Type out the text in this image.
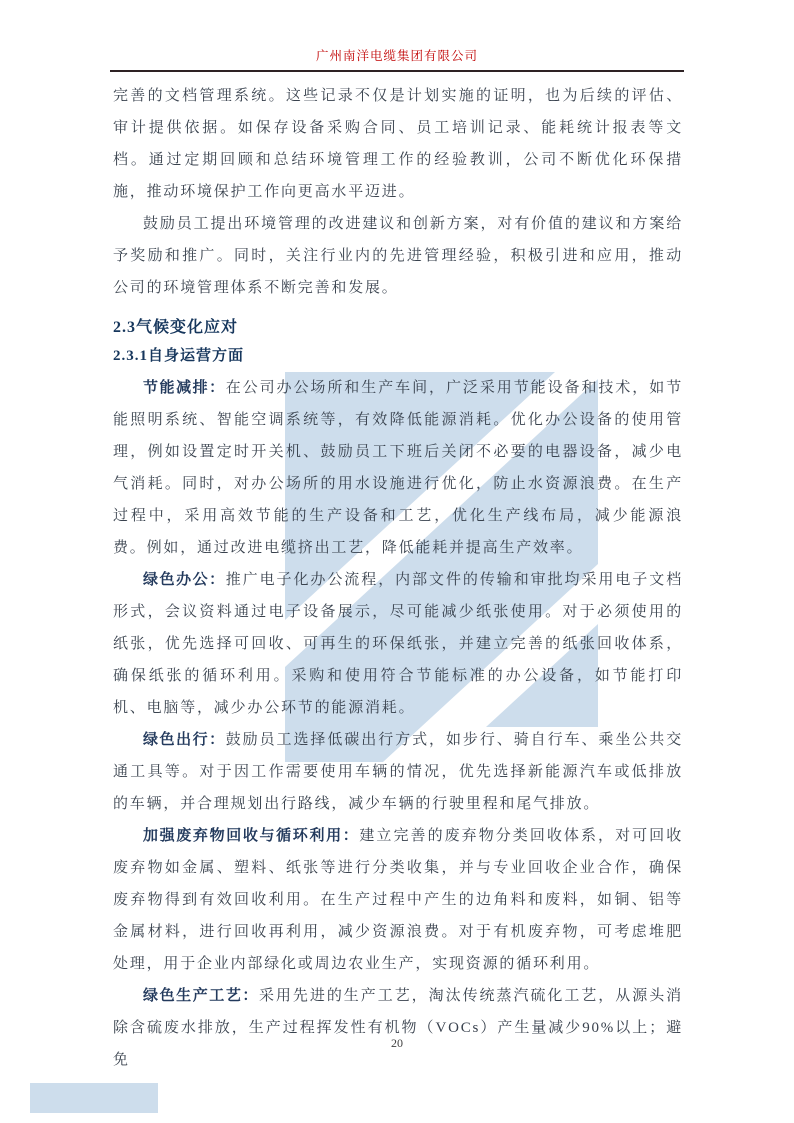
广州南洋电缆集团有限公司

完善的文档管理系统。这些记录不仅是计划实施的证明，也为后续的评估、审计提供依据。如保存设备采购合同、员工培训记录、能耗统计报表等文档。通过定期回顾和总结环境管理工作的经验教训，公司不断优化环保措施，推动环境保护工作向更高水平迈进。

鼓励员工提出环境管理的改进建议和创新方案，对有价值的建议和方案给予奖励和推广。同时，关注行业内的先进管理经验，积极引进和应用，推动公司的环境管理体系不断完善和发展。

2.3气候变化应对
2.3.1自身运营方面

节能减排：在公司办公场所和生产车间，广泛采用节能设备和技术，如节能照明系统、智能空调系统等，有效降低能源消耗。优化办公设备的使用管理，例如设置定时开关机、鼓励员工下班后关闭不必要的电器设备，减少电气消耗。同时，对办公场所的用水设施进行优化，防止水资源浪费。在生产过程中，采用高效节能的生产设备和工艺，优化生产线布局，减少能源浪费。例如，通过改进电缆挤出工艺，降低能耗并提高生产效率。

绿色办公：推广电子化办公流程，内部文件的传输和审批均采用电子文档形式，会议资料通过电子设备展示，尽可能减少纸张使用。对于必须使用的纸张，优先选择可回收、可再生的环保纸张，并建立完善的纸张回收体系，确保纸张的循环利用。采购和使用符合节能标准的办公设备，如节能打印机、电脑等，减少办公环节的能源消耗。

绿色出行：鼓励员工选择低碳出行方式，如步行、骑自行车、乘坐公共交通工具等。对于因工作需要使用车辆的情况，优先选择新能源汽车或低排放的车辆，并合理规划出行路线，减少车辆的行驶里程和尾气排放。

加强废弃物回收与循环利用：建立完善的废弃物分类回收体系，对可回收废弃物如金属、塑料、纸张等进行分类收集，并与专业回收企业合作，确保废弃物得到有效回收利用。在生产过程中产生的边角料和废料，如铜、铝等金属材料，进行回收再利用，减少资源浪费。对于有机废弃物，可考虑堆肥处理，用于企业内部绿化或周边农业生产，实现资源的循环利用。

绿色生产工艺：采用先进的生产工艺，淘汰传统蒸汽硫化工艺，从源头消除含硫废水排放，生产过程挥发性有机物（VOCs）产生量减少90%以上；避免

20
